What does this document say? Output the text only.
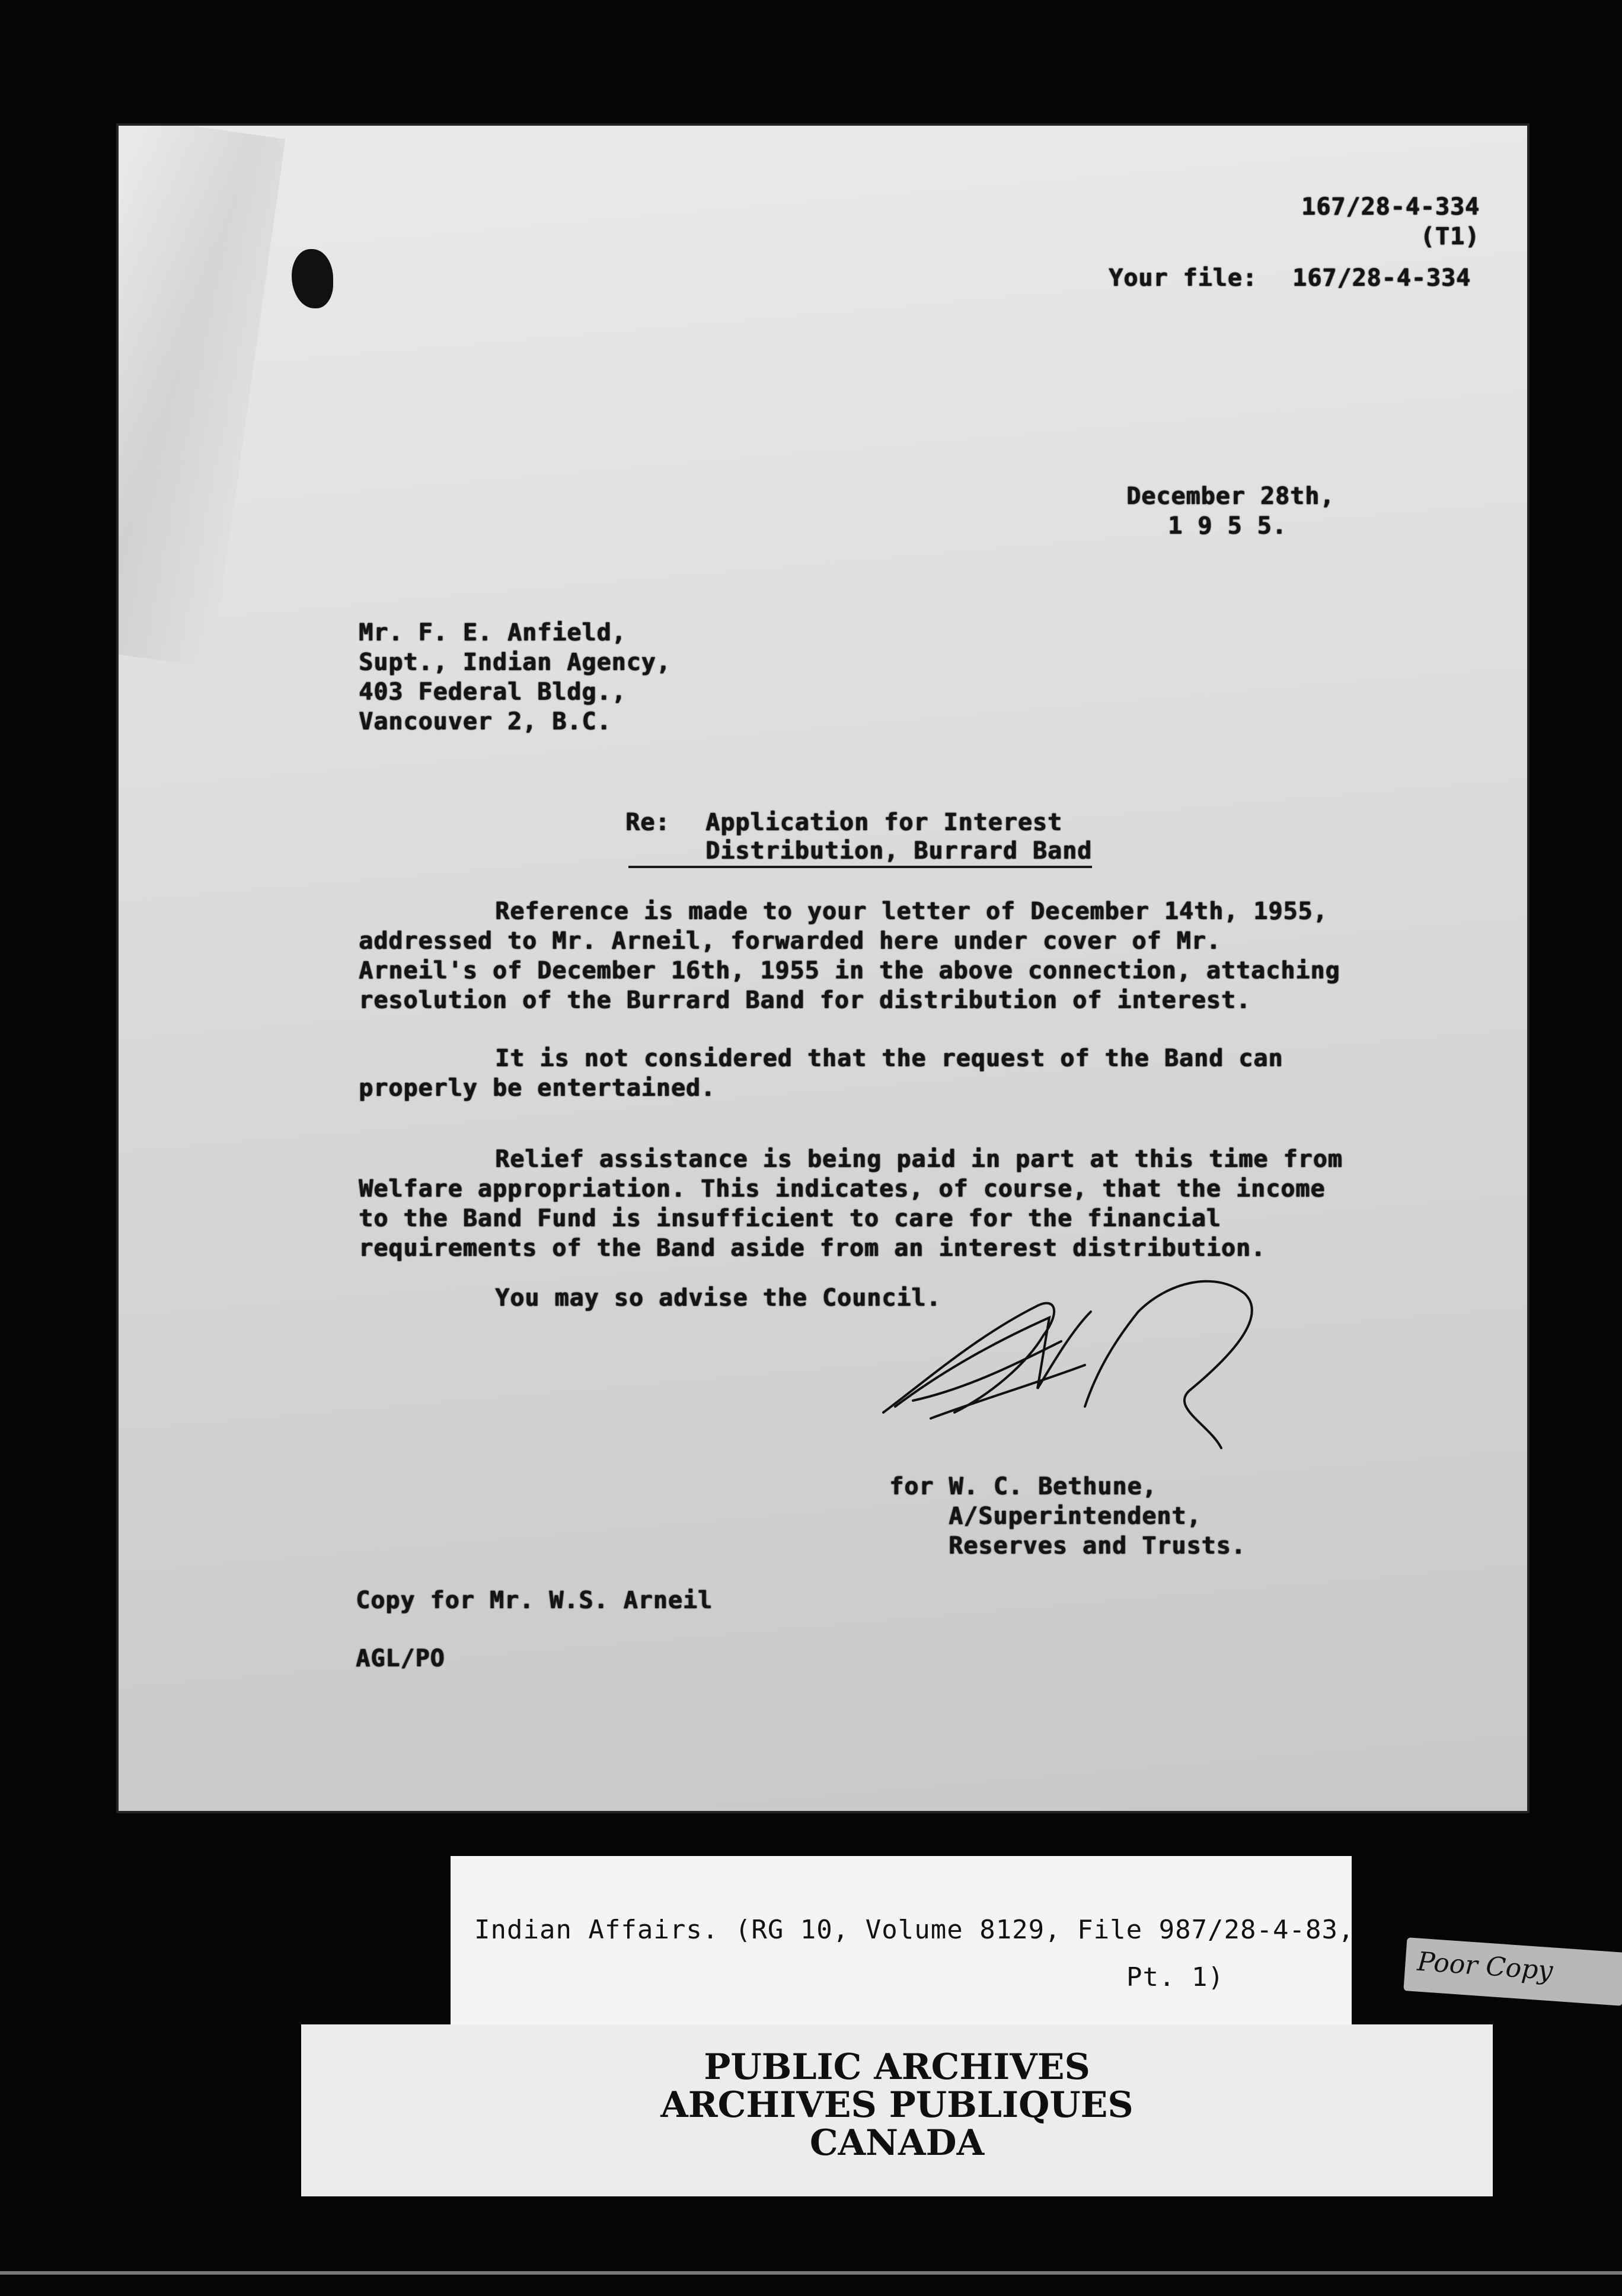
167/28-4-334
(T1)
Your file: 167/28-4-334
December 28th,
1 9 5 5.
Mr. F. E. Anfield,
Supt., Indian Agency,
403 Federal Bldg.,
Vancouver 2, B.C.
Re: Application for Interest
Distribution, Burrard Band
Reference is made to your letter of December 14th, 1955, addressed to Mr. Arneil, forwarded here under cover of Mr. Arneil's of December 16th, 1955 in the above connection, attaching resolution of the Burrard Band for distribution of interest.
It is not considered that the request of the Band can properly be entertained.
Relief assistance is being paid in part at this time from Welfare appropriation. This indicates, of course, that the income to the Band Fund is insufficient to care for the financial requirements of the Band aside from an interest distribution.
You may so advise the Council.
for W. C. Bethune,
A/Superintendent,
Reserves and Trusts.
Copy for Mr. W.S. Arneil
AGL/PO
Indian Affairs. (RG 10, Volume 8129, File 987/28-4-83,
Pt. 1)	Poor Copy
PUBLIC ARCHIVES
ARCHIVES PUBLIQUES
CANADA
